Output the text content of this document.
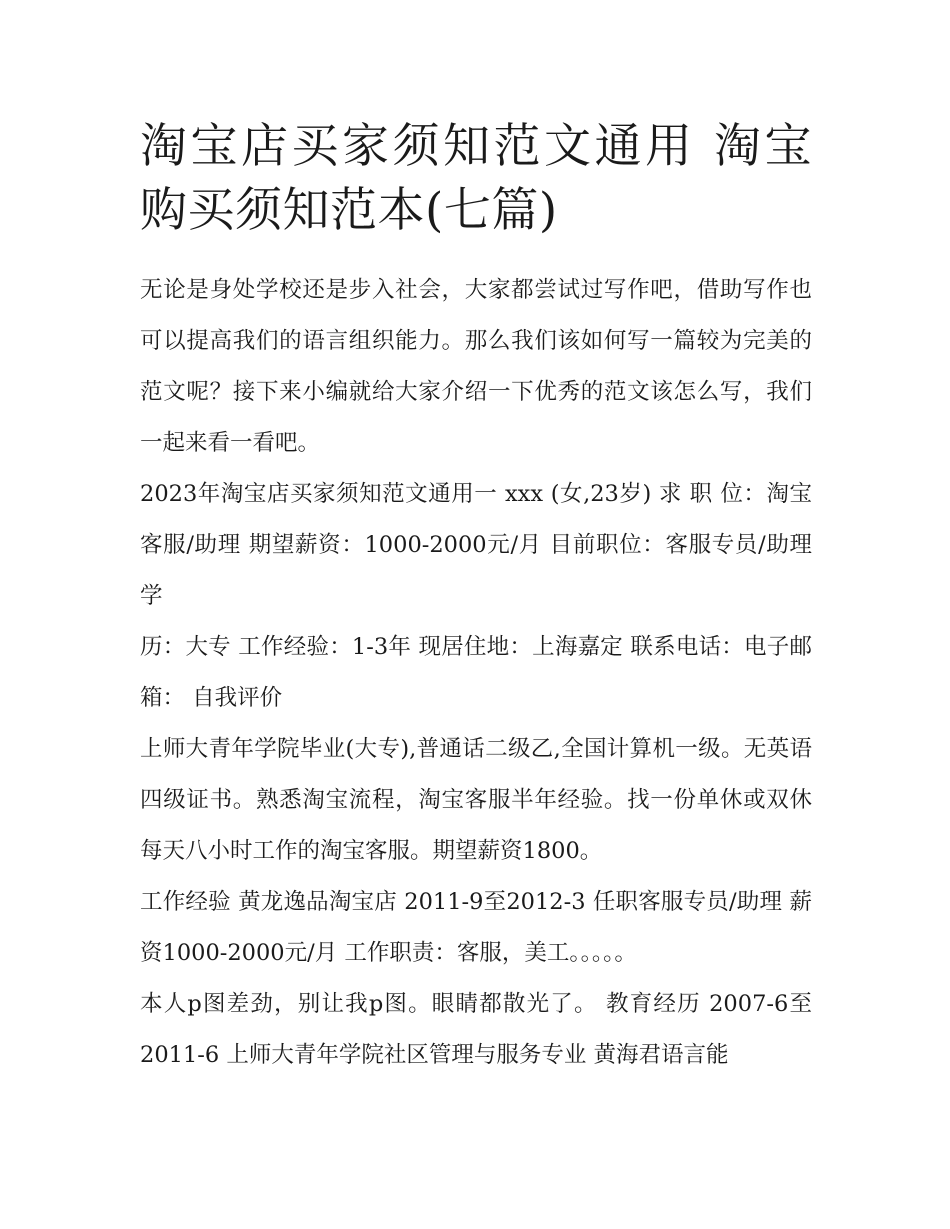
淘宝店买家须知范文通用 淘宝购买须知范本(七篇)

无论是身处学校还是步入社会，大家都尝试过写作吧，借助写作也可以提高我们的语言组织能力。那么我们该如何写一篇较为完美的范文呢？接下来小编就给大家介绍一下优秀的范文该怎么写，我们一起来看一看吧。

2023年淘宝店买家须知范文通用一 xxx (女,23岁) 求 职 位：淘宝客服/助理 期望薪资：1000-2000元/月 目前职位：客服专员/助理 学

历：大专 工作经验：1-3年 现居住地：上海嘉定 联系电话：电子邮箱： 自我评价

上师大青年学院毕业(大专),普通话二级乙,全国计算机一级。无英语四级证书。熟悉淘宝流程，淘宝客服半年经验。找一份单休或双休每天八小时工作的淘宝客服。期望薪资1800。

工作经验 黄龙逸品淘宝店 2011-9至2012-3 任职客服专员/助理 薪资1000-2000元/月 工作职责：客服，美工。。。。。

本人p图差劲，别让我p图。眼睛都散光了。 教育经历 2007-6至2011-6 上师大青年学院社区管理与服务专业 黄海君语言能
